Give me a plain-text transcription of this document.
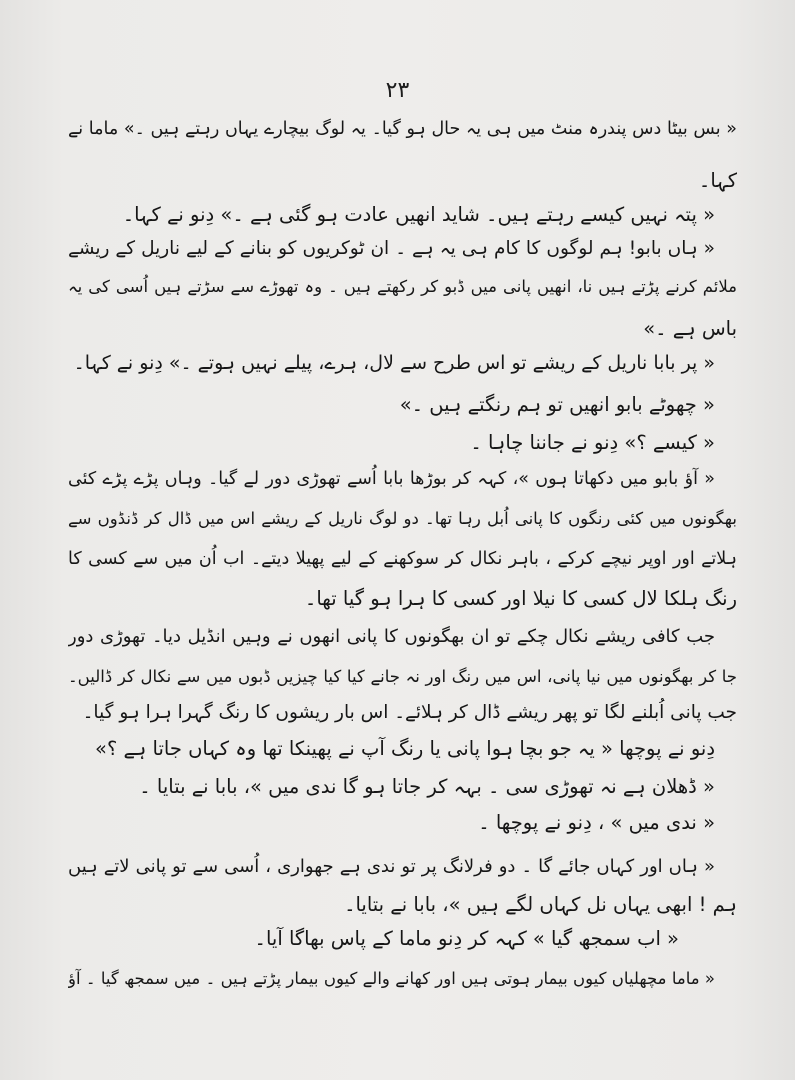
۲۳
« بس بیٹا دس پندرہ منٹ میں ہی یہ حال ہو گیا۔ یہ لوگ بیچارے یہاں رہتے ہیں ۔» ماما نے
کہا۔
« پتہ نہیں کیسے رہتے ہیں۔ شاید انھیں عادت ہو گئی ہے ۔» دِنو نے کہا۔
« ہاں بابو! ہم لوگوں کا کام ہی یہ ہے ۔ ان ٹوکریوں کو بنانے کے لیے ناریل کے ریشے
ملائم کرنے پڑتے ہیں نا، انھیں پانی میں ڈبو کر رکھتے ہیں ۔ وہ تھوڑے سے سڑتے ہیں اُسی کی یہ
باس ہے ۔»
« پر بابا ناریل کے ریشے تو اس طرح سے لال، ہرے، پیلے نہیں ہوتے ۔» دِنو نے کہا۔
« چھوٹے بابو انھیں تو ہم رنگتے ہیں ۔»
« کیسے ؟» دِنو نے جاننا چاہا ۔
« آؤ بابو میں دکھاتا ہوں »، کہہ کر بوڑھا بابا اُسے تھوڑی دور لے گیا۔ وہاں پڑے پڑے کئی
بھگونوں میں کئی رنگوں کا پانی اُبل رہا تھا۔ دو لوگ ناریل کے ریشے اس میں ڈال کر ڈنڈوں سے
ہلاتے اور اوپر نیچے کرکے ، باہر نکال کر سوکھنے کے لیے پھیلا دیتے۔ اب اُن میں سے کسی کا
رنگ ہلکا لال کسی کا نیلا اور کسی کا ہرا ہو گیا تھا۔
جب کافی ریشے نکال چکے تو ان بھگونوں کا پانی انھوں نے وہیں انڈیل دیا۔ تھوڑی دور
جا کر بھگونوں میں نیا پانی، اس میں رنگ اور نہ جانے کیا کیا چیزیں ڈبوں میں سے نکال کر ڈالیں۔
جب پانی اُبلنے لگا تو پھر ریشے ڈال کر ہلائے۔ اس بار ریشوں کا رنگ گہرا ہرا ہو گیا۔
دِنو نے پوچھا « یہ جو بچا ہوا پانی یا رنگ آپ نے پھینکا تھا وہ کہاں جاتا ہے ؟»
« ڈھلان ہے نہ تھوڑی سی ۔ بہہ کر جاتا ہو گا ندی میں »، بابا نے بتایا ۔
« ندی میں » ، دِنو نے پوچھا ۔
« ہاں اور کہاں جائے گا ۔ دو فرلانگ پر تو ندی ہے جھواری ، اُسی سے تو پانی لاتے ہیں
ہم ! ابھی یہاں نل کہاں لگے ہیں »، بابا نے بتایا۔
« اب سمجھ گیا » کہہ کر دِنو ماما کے پاس بھاگا آیا۔
« ماما مچھلیاں کیوں بیمار ہوتی ہیں اور کھانے والے کیوں بیمار پڑتے ہیں ۔ میں سمجھ گیا ۔ آؤ
